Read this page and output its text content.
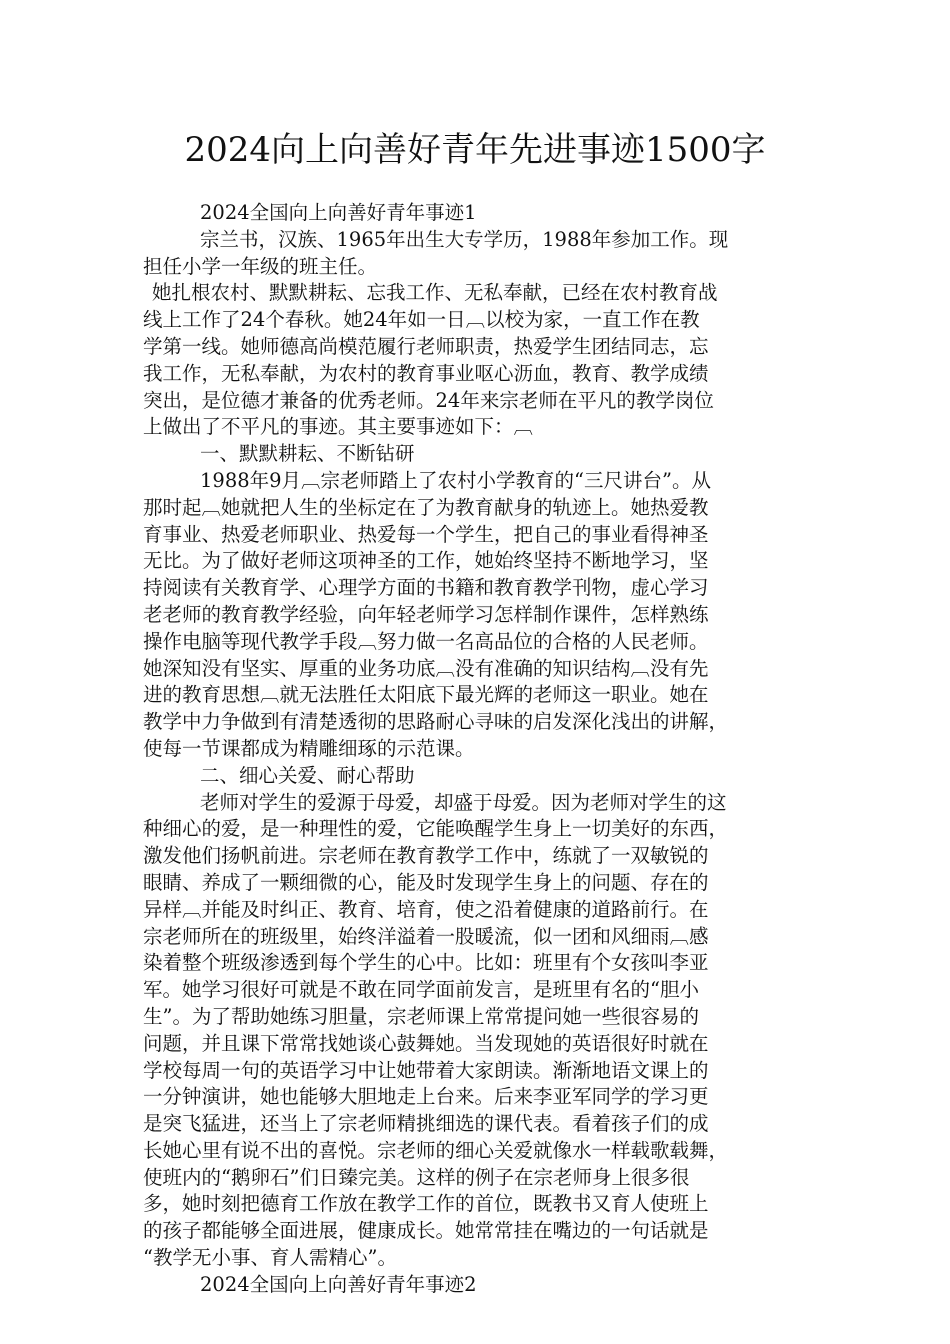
2024向上向善好青年先进事迹1500字
2024全国向上向善好青年事迹1
宗兰书，汉族、1965年出生大专学历，1988年参加工作。现
担任小学一年级的班主任。
她扎根农村、默默耕耘、忘我工作、无私奉献，已经在农村教育战
线上工作了24个春秋。她24年如一日︹以校为家，一直工作在教
学第一线。她师德高尚模范履行老师职责，热爱学生团结同志，忘
我工作，无私奉献，为农村的教育事业呕心沥血，教育、教学成绩
突出，是位德才兼备的优秀老师。24年来宗老师在平凡的教学岗位
上做出了不平凡的事迹。其主要事迹如下：︹
一、默默耕耘、不断钻研
1988年9月︹宗老师踏上了农村小学教育的“三尺讲台”。从
那时起︹她就把人生的坐标定在了为教育献身的轨迹上。她热爱教
育事业、热爱老师职业、热爱每一个学生，把自己的事业看得神圣
无比。为了做好老师这项神圣的工作，她始终坚持不断地学习，坚
持阅读有关教育学、心理学方面的书籍和教育教学刊物，虚心学习
老老师的教育教学经验，向年轻老师学习怎样制作课件，怎样熟练
操作电脑等现代教学手段︹努力做一名高品位的合格的人民老师。
她深知没有坚实、厚重的业务功底︹没有准确的知识结构︹没有先
进的教育思想︹就无法胜任太阳底下最光辉的老师这一职业。她在
教学中力争做到有清楚透彻的思路耐心寻味的启发深化浅出的讲解，
使每一节课都成为精雕细琢的示范课。
二、细心关爱、耐心帮助
老师对学生的爱源于母爱，却盛于母爱。因为老师对学生的这
种细心的爱，是一种理性的爱，它能唤醒学生身上一切美好的东西，
激发他们扬帆前进。宗老师在教育教学工作中，练就了一双敏锐的
眼睛、养成了一颗细微的心，能及时发现学生身上的问题、存在的
异样︹并能及时纠正、教育、培育，使之沿着健康的道路前行。在
宗老师所在的班级里，始终洋溢着一股暖流，似一团和风细雨︹感
染着整个班级渗透到每个学生的心中。比如：班里有个女孩叫李亚
军。她学习很好可就是不敢在同学面前发言，是班里有名的“胆小
生”。为了帮助她练习胆量，宗老师课上常常提问她一些很容易的
问题，并且课下常常找她谈心鼓舞她。当发现她的英语很好时就在
学校每周一句的英语学习中让她带着大家朗读。渐渐地语文课上的
一分钟演讲，她也能够大胆地走上台来。后来李亚军同学的学习更
是突飞猛进，还当上了宗老师精挑细选的课代表。看着孩子们的成
长她心里有说不出的喜悦。宗老师的细心关爱就像水一样载歌载舞，
使班内的“鹅卵石”们日臻完美。这样的例子在宗老师身上很多很
多，她时刻把德育工作放在教学工作的首位，既教书又育人使班上
的孩子都能够全面进展，健康成长。她常常挂在嘴边的一句话就是
“教学无小事、育人需精心”。
2024全国向上向善好青年事迹2
